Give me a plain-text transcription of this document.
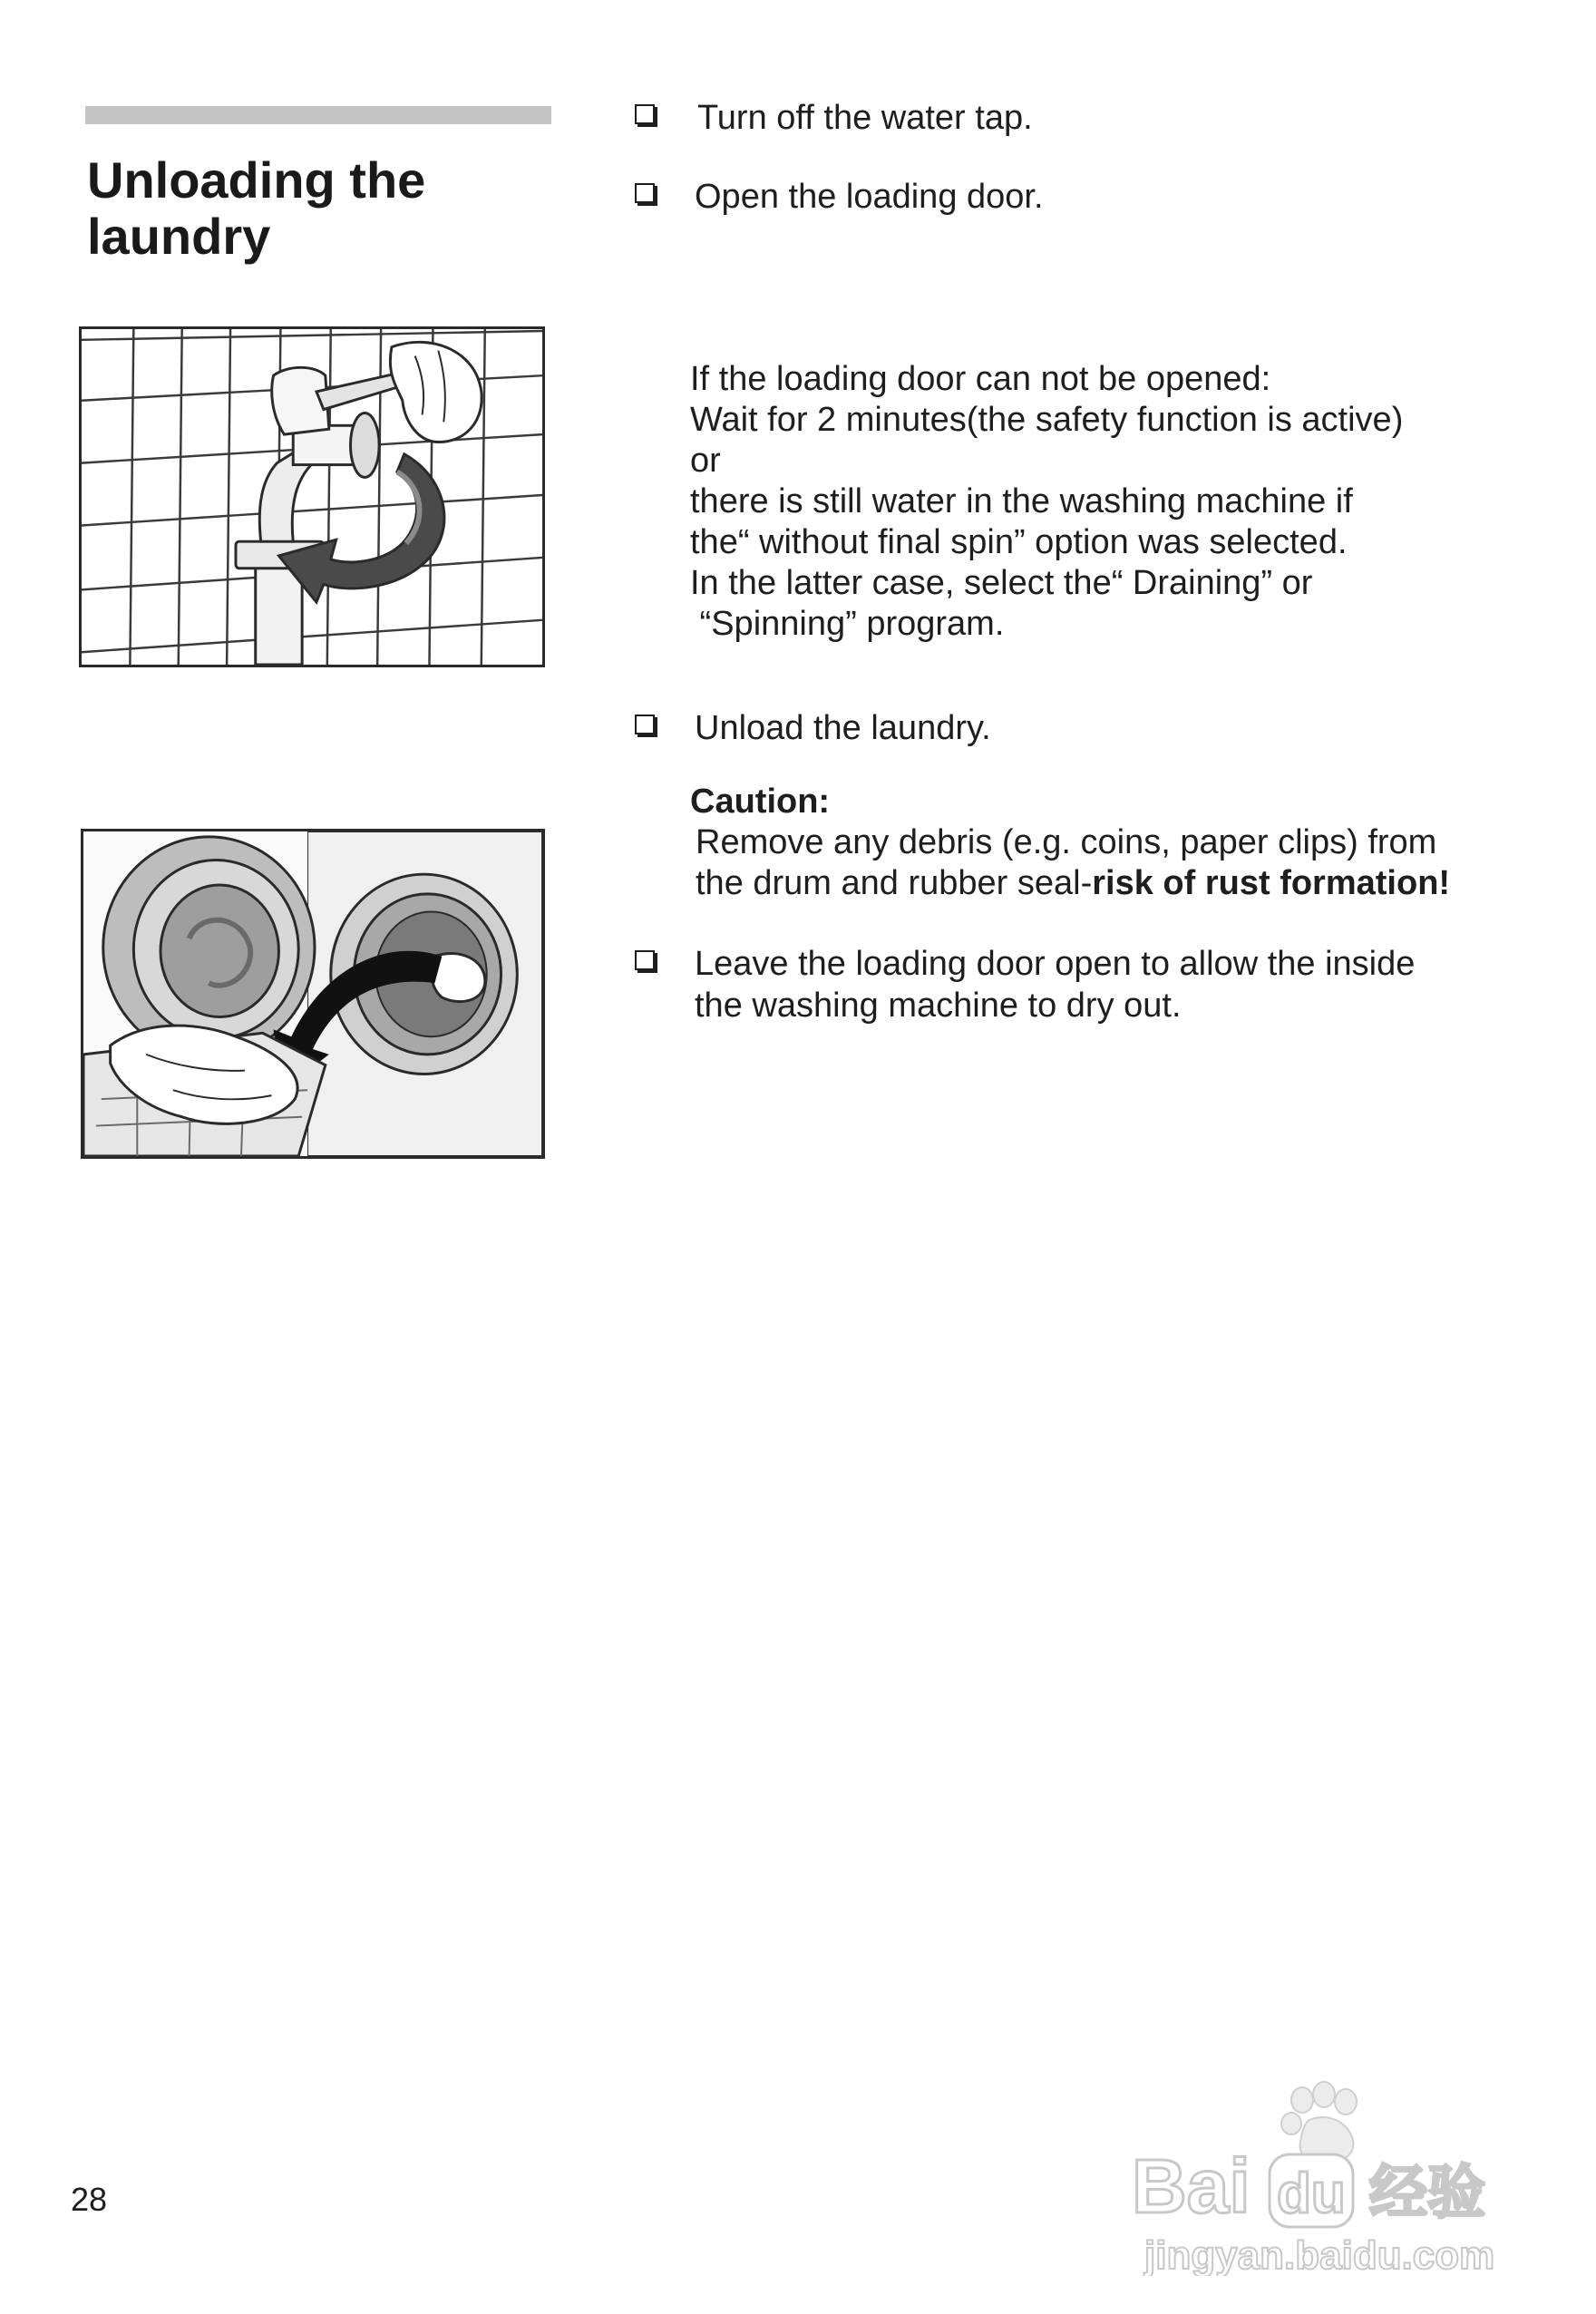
Unloading the
laundry
Turn off the water tap.
Open the loading door.
If the loading door can not be opened:
Wait for 2 minutes(the safety function is active)
or
there is still water in the washing machine if
the“ without final spin” option was selected.
In the latter case, select the“ Draining” or
“Spinning” program.
Unload the laundry.
Caution:
Remove any debris (e.g. coins, paper clips) from
the drum and rubber seal-risk of rust formation!
Leave the loading door open to allow the inside
the washing machine to dry out.
28	Bai du 经验
jingyan.baidu.com
